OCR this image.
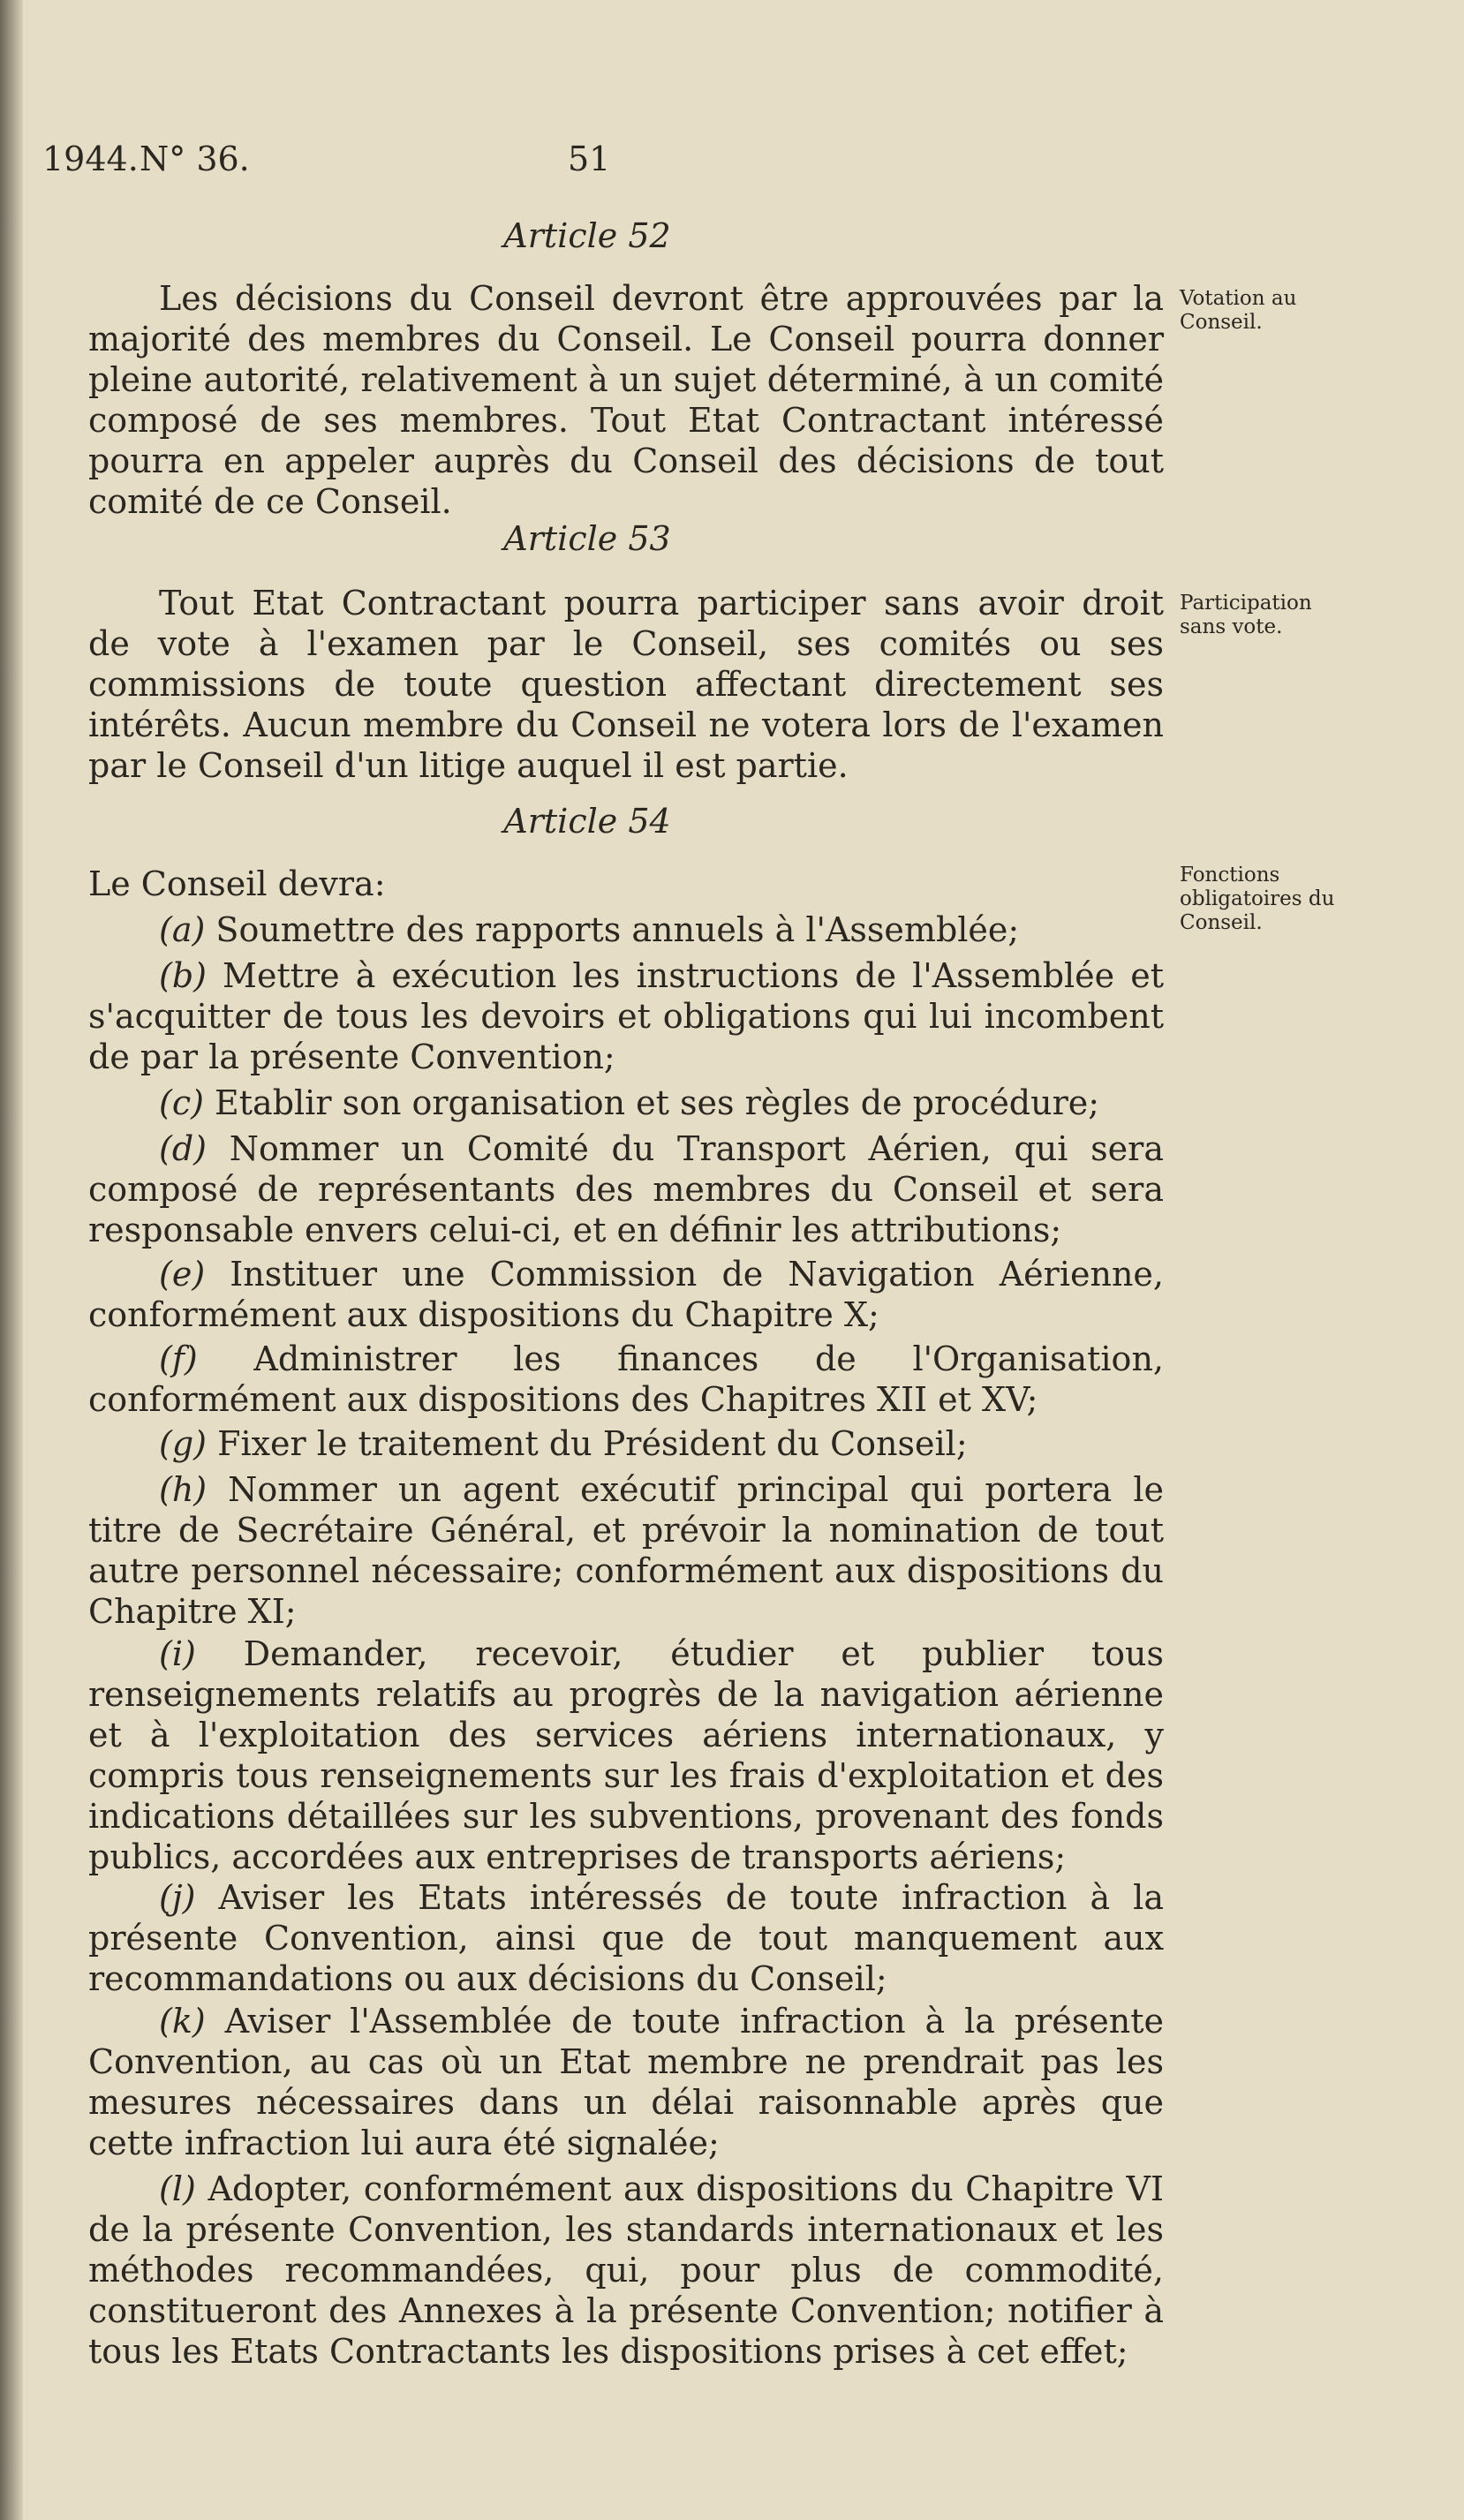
1944. N° 36.	51
Article 52

Les décisions du Conseil devront être approuvées par la majorité des membres du Conseil. Le Conseil pourra donner pleine autorité, relativement à un sujet déterminé, à un comité composé de ses membres. Tout Etat Contractant intéressé pourra en appeler auprès du Conseil des décisions de tout comité de ce Conseil.

Votation au Conseil.
Article 53

Tout Etat Contractant pourra participer sans avoir droit de vote à l'examen par le Conseil, ses comités ou ses commissions de toute question affectant directement ses intérêts. Aucun membre du Conseil ne votera lors de l'examen par le Conseil d'un litige auquel il est partie.

Participation sans vote.
Article 54

Le Conseil devra:	Fonctions obligatoires du Conseil.

(a) Soumettre des rapports annuels à l'Assemblée;

(b) Mettre à exécution les instructions de l'Assemblée et s'acquitter de tous les devoirs et obligations qui lui incombent de par la présente Convention;

(c) Etablir son organisation et ses règles de procédure;

(d) Nommer un Comité du Transport Aérien, qui sera composé de représentants des membres du Conseil et sera responsable envers celui-ci, et en définir les attributions;

(e) Instituer une Commission de Navigation Aérienne, conformément aux dispositions du Chapitre X;

(f) Administrer les finances de l'Organisation, conformément aux dispositions des Chapitres XII et XV;

(g) Fixer le traitement du Président du Conseil;

(h) Nommer un agent exécutif principal qui portera le titre de Secrétaire Général, et prévoir la nomination de tout autre personnel nécessaire; conformément aux dispositions du Chapitre XI;

(i) Demander, recevoir, étudier et publier tous renseignements relatifs au progrès de la navigation aérienne et à l'exploitation des services aériens internationaux, y compris tous renseignements sur les frais d'exploitation et des indications détaillées sur les subventions, provenant des fonds publics, accordées aux entreprises de transports aériens;

(j) Aviser les Etats intéressés de toute infraction à la présente Convention, ainsi que de tout manquement aux recommandations ou aux décisions du Conseil;

(k) Aviser l'Assemblée de toute infraction à la présente Convention, au cas où un Etat membre ne prendrait pas les mesures nécessaires dans un délai raisonnable après que cette infraction lui aura été signalée;

(l) Adopter, conformément aux dispositions du Chapitre VI de la présente Convention, les standards internationaux et les méthodes recommandées, qui, pour plus de commodité, constitueront des Annexes à la présente Convention; notifier à tous les Etats Contractants les dispositions prises à cet effet;
